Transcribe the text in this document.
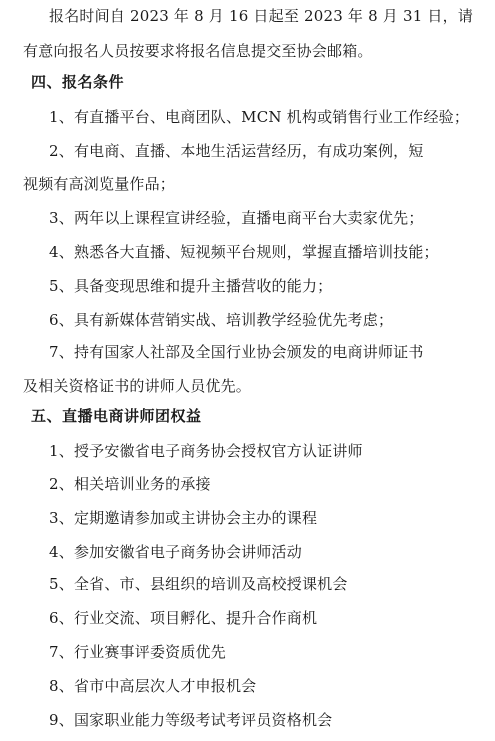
报名时间自 2023 年 8 月 16 日起至 2023 年 8 月 31 日，请
有意向报名人员按要求将报名信息提交至协会邮箱。
四、报名条件
1、有直播平台、电商团队、MCN 机构或销售行业工作经验；
2、有电商、直播、本地生活运营经历，有成功案例，短
视频有高浏览量作品；
3、两年以上课程宣讲经验，直播电商平台大卖家优先；
4、熟悉各大直播、短视频平台规则，掌握直播培训技能；
5、具备变现思维和提升主播营收的能力；
6、具有新媒体营销实战、培训教学经验优先考虑；
7、持有国家人社部及全国行业协会颁发的电商讲师证书
及相关资格证书的讲师人员优先。
五、直播电商讲师团权益
1、授予安徽省电子商务协会授权官方认证讲师
2、相关培训业务的承接
3、定期邀请参加或主讲协会主办的课程
4、参加安徽省电子商务协会讲师活动
5、全省、市、县组织的培训及高校授课机会
6、行业交流、项目孵化、提升合作商机
7、行业赛事评委资质优先
8、省市中高层次人才申报机会
9、国家职业能力等级考试考评员资格机会
